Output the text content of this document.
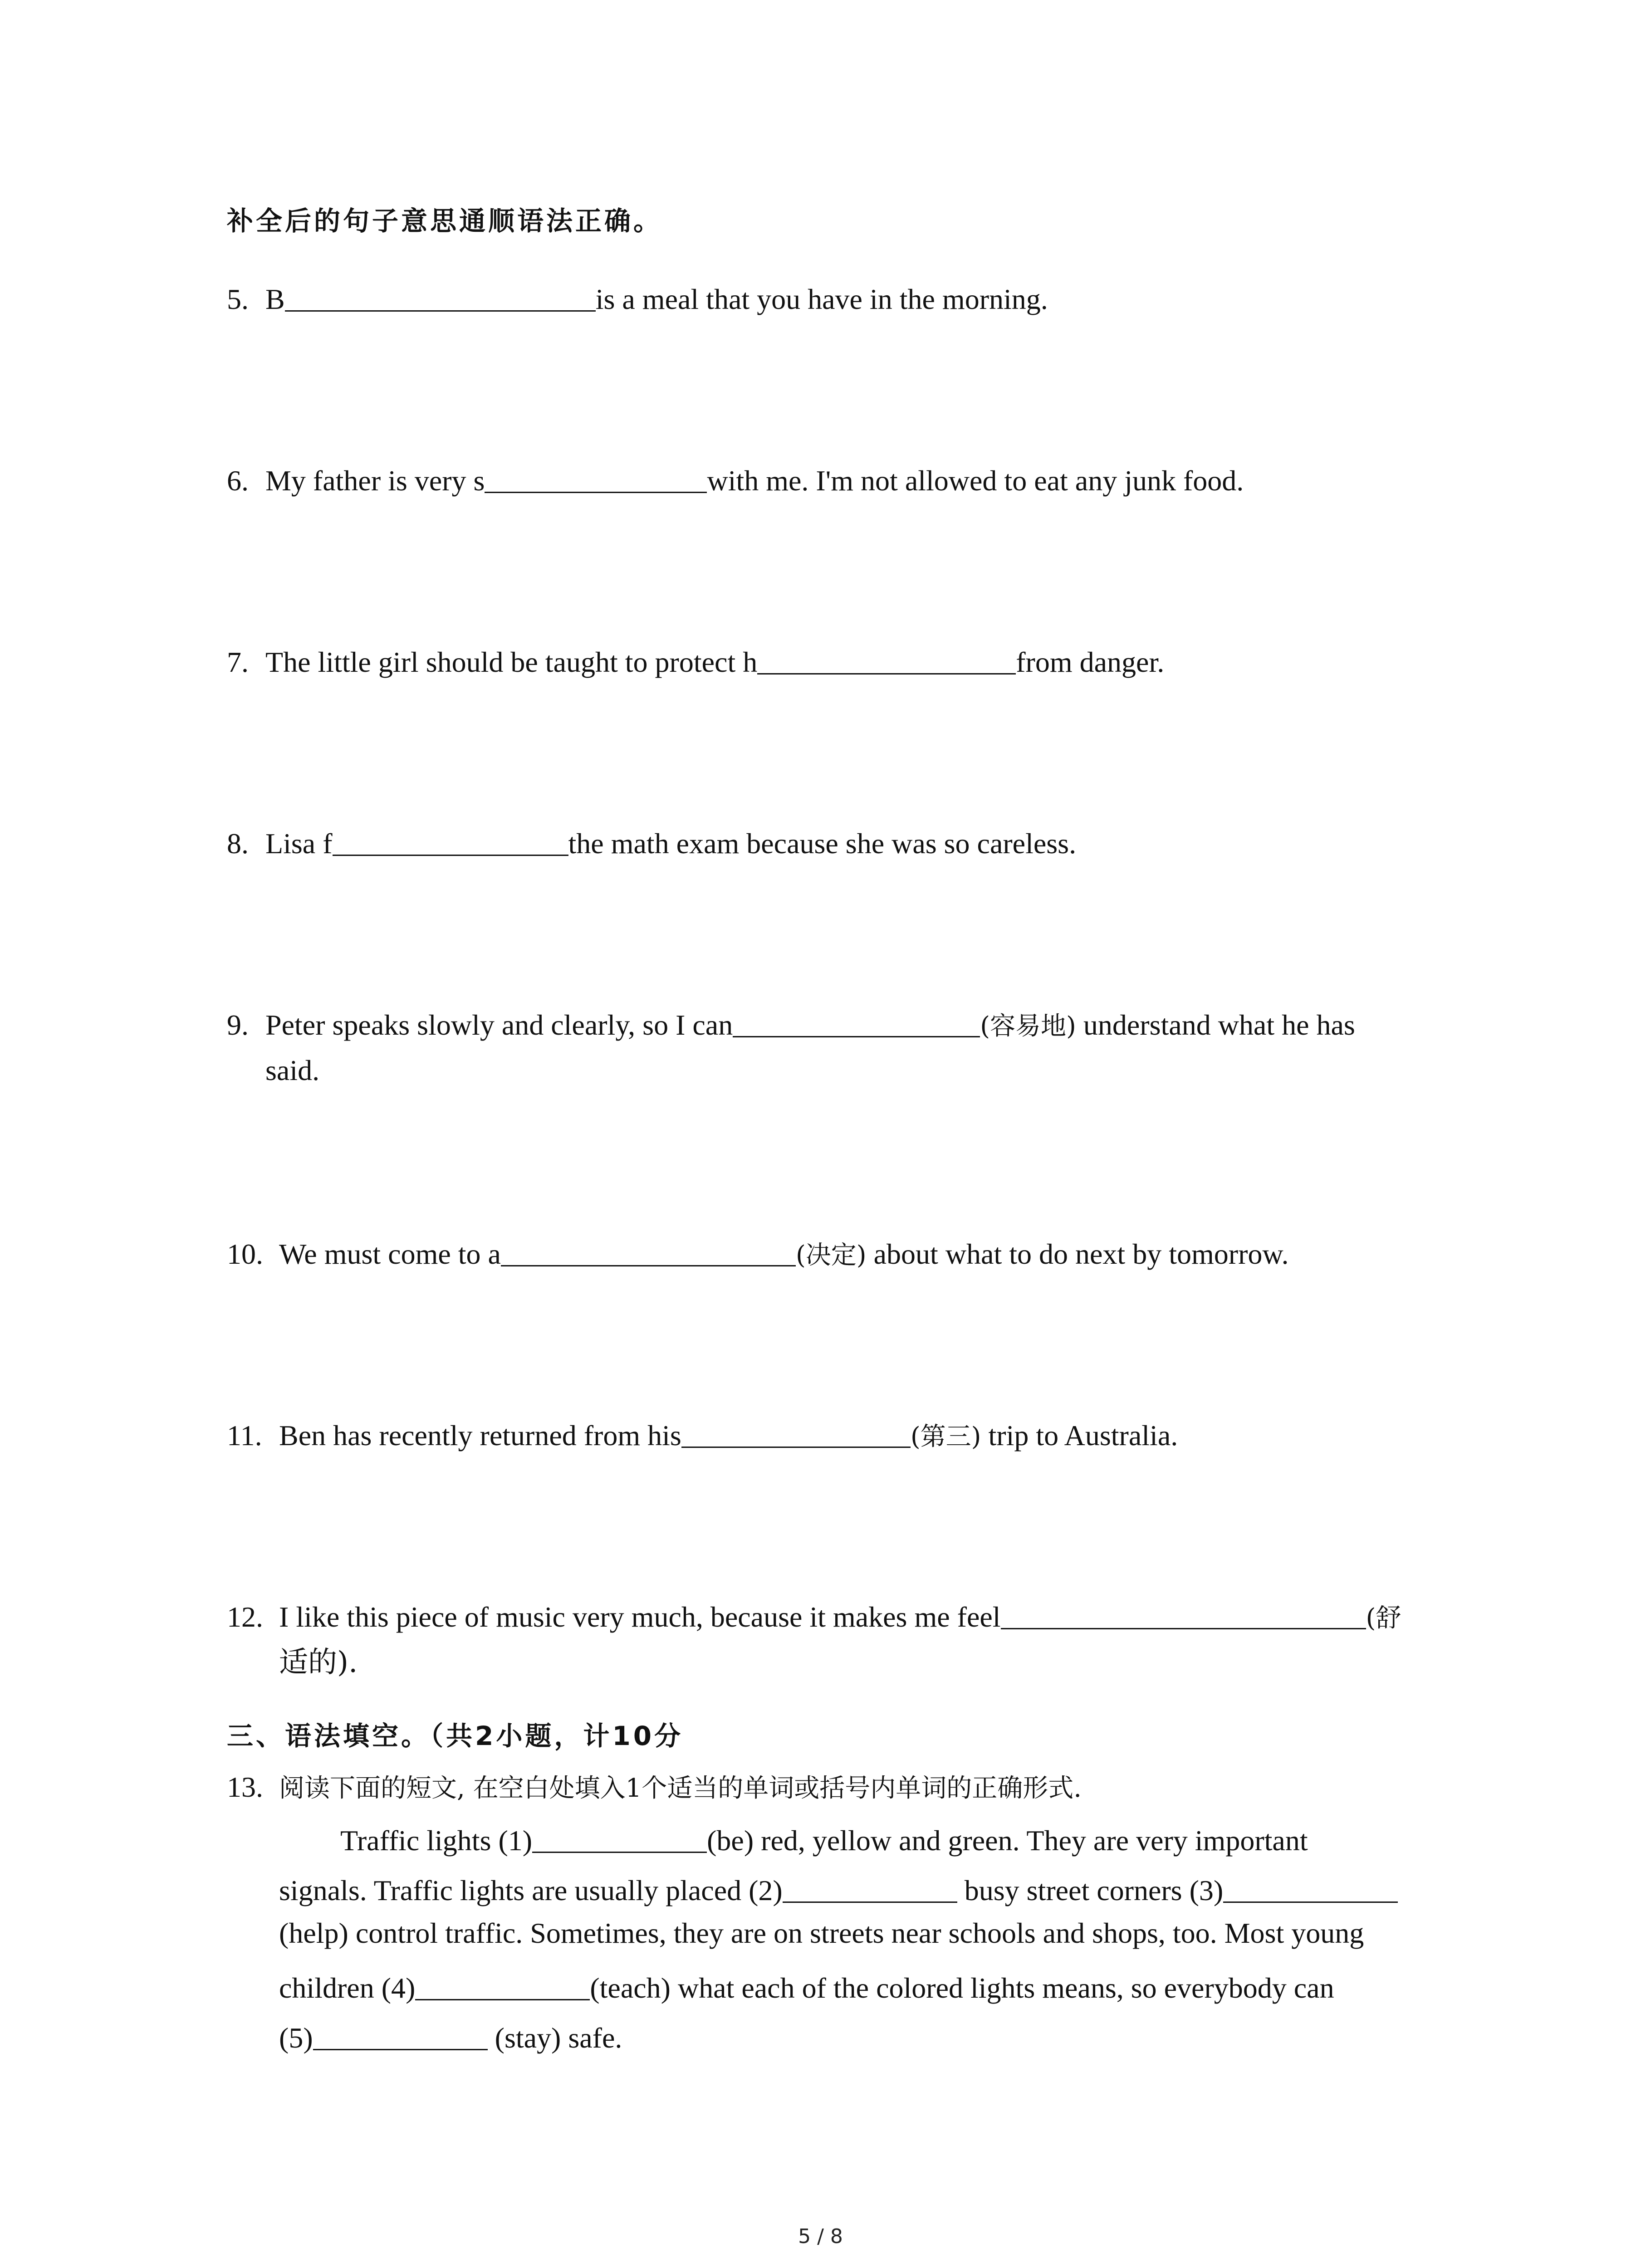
补全后的句子意思通顺语法正确。
5. B	is a meal that you have in the morning.
6. My father is very s	with me. I'm not allowed to eat any junk food.
7. The little girl should be taught to protect h	from danger.
8. Lisa f	the math exam because she was so careless.
9. Peter speaks slowly and clearly, so I can	(容易地) understand what he has
said.
10. We must come to a	(决定) about what to do next by tomorrow.
11. Ben has recently returned from his	(第三) trip to Australia.
12. I like this piece of music very much, because it makes me feel	(舒
适的).
三、语法填空。（共2小题，计10分
13. 阅读下面的短文, 在空白处填入1个适当的单词或括号内单词的正确形式.
Traffic lights (1)	(be) red, yellow and green. They are very important
signals. Traffic lights are usually placed (2)	busy street corners (3)
(help) control traffic. Sometimes, they are on streets near schools and shops, too. Most young
children (4)	(teach) what each of the colored lights means, so everybody can
(5)	(stay) safe.
5 / 8
